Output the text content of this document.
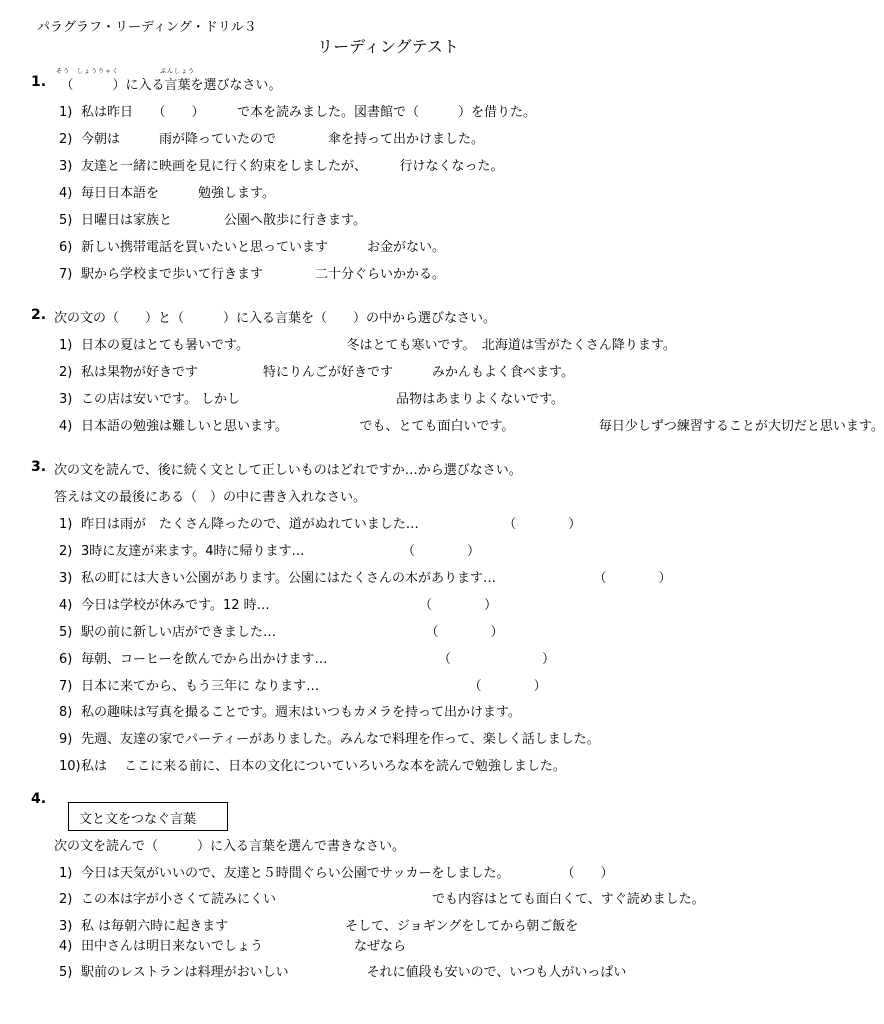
パラグラフ・リーディング・ドリル３
リーディングテスト
そう　しょうりゃく	ぶんしょう
1. 　（　　　）に入る言葉を選びなさい。
1) 私は昨日　　（　　）　　　で本を読みました。図書館で（　　　）を借りた。
2) 今朝は　　　雨が降っていたので　　　　傘を持って出かけました。
3) 友達と一緒に映画を見に行く約束をしましたが、　　　行けなくなった。
4) 毎日日本語を　　　勉強します。
5) 日曜日は家族と　　　　公園へ散歩に行きます。
6) 新しい携帯電話を買いたいと思っています　　　お金がない。
7) 駅から学校まで歩いて行きます　　　　二十分ぐらいかかる。
2. 次の文の（　　）と（　　　）に入る言葉を（　　）の中から選びなさい。
1) 日本の夏はとても暑いです。　　　　　　　　冬はとても寒いです。　北海道は雪がたくさん降ります。
2) 私は果物が好きです　　　　　特にりんごが好きです　　　みかんもよく食べます。
3) この店は安いです。 しかし　　　　　　　　　　　　品物はあまりよくないです。
4) 日本語の勉強は難しいと思います。　　　　　　でも、とても面白いです。　　　　　　　毎日少しずつ練習することが大切だと思います。
3. 次の文を読んで、後に続く文として正しいものはどれですか…から選びなさい。
答えは文の最後にある（　）の中に書き入れなさい。
1) 昨日は雨が　たくさん降ったので、道がぬれていました…　　　　　　　（　　　　）
2) 3時に友達が来ます。4時に帰ります…　　　　　　　　（　　　　）
3) 私の町には大きい公園があります。公園にはたくさんの木があります…　　　　　　　　（　　　　）
4) 今日は学校が休みです。12 時…　　　　　　　　　　　　（　　　　）
5) 駅の前に新しい店ができました…　　　　　　　　　　　　（　　　　）
6) 毎朝、コーヒーを飲んでから出かけます…　　　　　　　　　（　　　　　　　）
7) 日本に来てから、もう三年に なります…　　　　　　　　　　　　（　　　　）
8) 私の趣味は写真を撮ることです。週末はいつもカメラを持って出かけます。
9) 先週、友達の家でパーティーがありました。みんなで料理を作って、楽しく話しました。
10)私は　 ここに来る前に、日本の文化についていろいろな本を読んで勉強しました。
4.
文と文をつなぐ言葉
次の文を読んで（　　　）に入る言葉を選んで書きなさい。
1) 今日は天気がいいので、友達と５時間ぐらい公園でサッカーをしました。　　　　　（　　）
2) この本は字が小さくて読みにくい　　　　　　　　　　　　でも内容はとても面白くて、すぐ読めました。
3) 私 は毎朝六時に起きます　　　　　　　　　そして、ジョギングをしてから朝ご飯を
4) 田中さんは明日来ないでしょう　　　　　　　なぜなら
5) 駅前のレストランは料理がおいしい　　　　　　それに値段も安いので、いつも人がいっぱい
